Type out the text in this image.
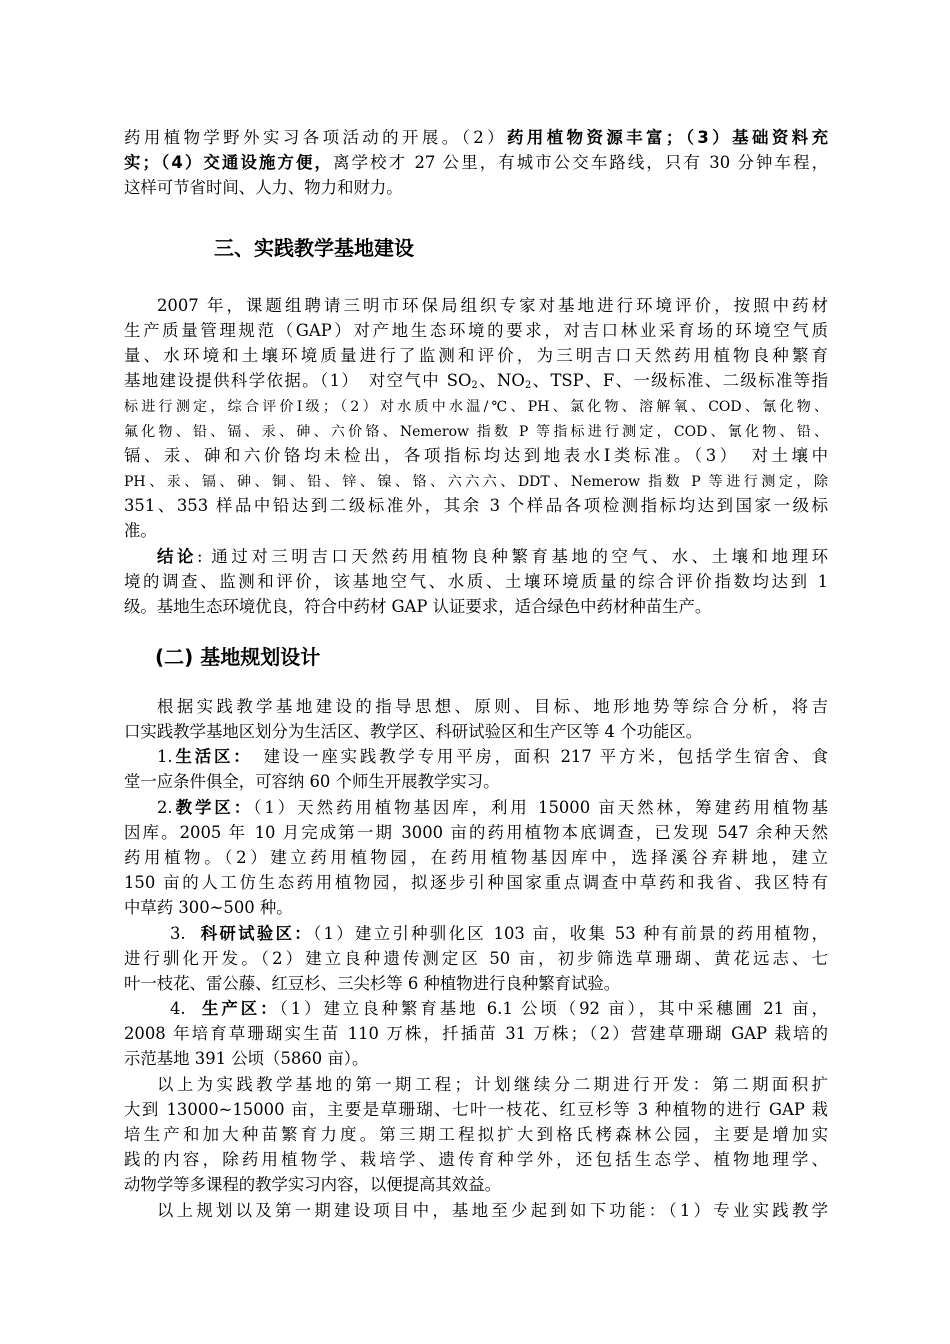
药用植物学野外实习各项活动的开展。（2）药用植物资源丰富；（3）基础资料充
实；（4）交通设施方便，离学校才 27 公里，有城市公交车路线，只有 30 分钟车程，
这样可节省时间、人力、物力和财力。
三、实践教学基地建设
2007 年，课题组聘请三明市环保局组织专家对基地进行环境评价，按照中药材
生产质量管理规范（GAP）对产地生态环境的要求，对吉口林业采育场的环境空气质
量、水环境和土壤环境质量进行了监测和评价，为三明吉口天然药用植物良种繁育
基地建设提供科学依据。（1）　对空气中 $SO_2$、$NO_2$、TSP、F、一级标准、二级标准等指
标进行测定，综合评价Ⅰ级；（2）对水质中水温/℃、PH、氯化物、溶解氧、COD、氰化物、
氟化物、铅、镉、汞、砷、六价铬、Nemerow 指数 P 等指标进行测定，COD、氰化物、铅、
镉、汞、砷和六价铬均未检出，各项指标均达到地表水Ⅰ类标准。（3）　对土壤中
PH、汞、镉、砷、铜、铅、锌、镍、铬、六六六、DDT、Nemerow 指数 P 等进行测定，除
351、353 样品中铅达到二级标准外，其余 3 个样品各项检测指标均达到国家一级标
准。
结论: 通过对三明吉口天然药用植物良种繁育基地的空气、水、土壤和地理环
境的调查、监测和评价，该基地空气、水质、土壤环境质量的综合评价指数均达到 1
级。基地生态环境优良，符合中药材 GAP 认证要求，适合绿色中药材种苗生产。
(二) 基地规划设计
根据实践教学基地建设的指导思想、原则、目标、地形地势等综合分析，将吉
口实践教学基地区划分为生活区、教学区、科研试验区和生产区等 4 个功能区。
1.生活区：　建设一座实践教学专用平房，面积 217 平方米，包括学生宿舍、食
堂一应条件俱全，可容纳 60 个师生开展教学实习。
2.教学区：（1）天然药用植物基因库，利用 15000 亩天然林，筹建药用植物基
因库。2005 年 10 月完成第一期 3000 亩的药用植物本底调查，已发现 547 余种天然
药用植物。（2）建立药用植物园，在药用植物基因库中，选择溪谷弃耕地，建立
150 亩的人工仿生态药用植物园，拟逐步引种国家重点调查中草药和我省、我区特有
中草药 300~500 种。
3. 科研试验区：（1）建立引种驯化区 103 亩，收集 53 种有前景的药用植物，
进行驯化开发。（2）建立良种遗传测定区 50 亩，初步筛选草珊瑚、黄花远志、七
叶一枝花、雷公藤、红豆杉、三尖杉等 6 种植物进行良种繁育试验。
4. 生产区：（1）建立良种繁育基地 6.1 公顷（92 亩），其中采穗圃 21 亩，
2008 年培育草珊瑚实生苗 110 万株，扦插苗 31 万株；（2）营建草珊瑚 GAP 栽培的
示范基地 391 公顷（5860 亩）。
以上为实践教学基地的第一期工程；计划继续分二期进行开发：第二期面积扩
大到 13000~15000 亩，主要是草珊瑚、七叶一枝花、红豆杉等 3 种植物的进行 GAP 栽
培生产和加大种苗繁育力度。第三期工程拟扩大到格氏栲森林公园，主要是增加实
践的内容，除药用植物学、栽培学、遗传育种学外，还包括生态学、植物地理学、
动物学等多课程的教学实习内容，以便提高其效益。
以上规划以及第一期建设项目中，基地至少起到如下功能：（1）专业实践教学
